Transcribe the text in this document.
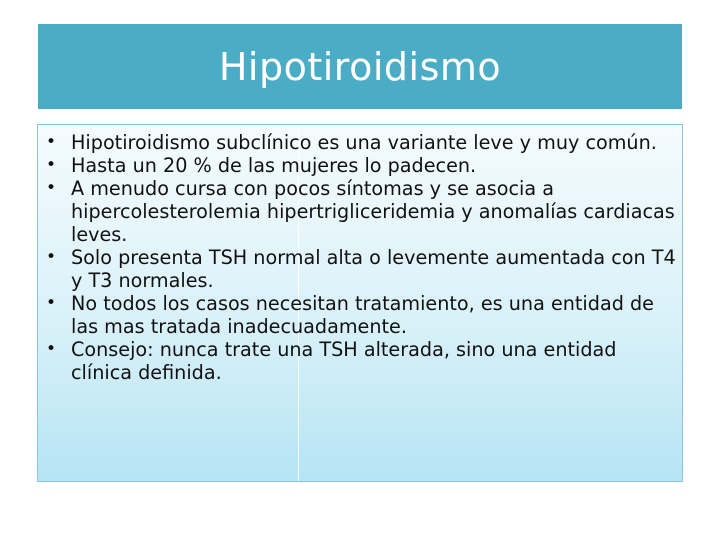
Hipotiroidismo
• Hipotiroidismo subclínico es una variante leve y muy común.
• Hasta un 20 % de las mujeres lo padecen.
• A menudo cursa con pocos síntomas y se asocia a hipercolesterolemia hipertrigliceridemia y anomalías cardiacas leves.
• Solo presenta TSH normal alta o levemente aumentada con T4 y T3 normales.
• No todos los casos necesitan tratamiento, es una entidad de las mas tratada inadecuadamente.
• Consejo: nunca trate una TSH alterada, sino una entidad clínica definida.
